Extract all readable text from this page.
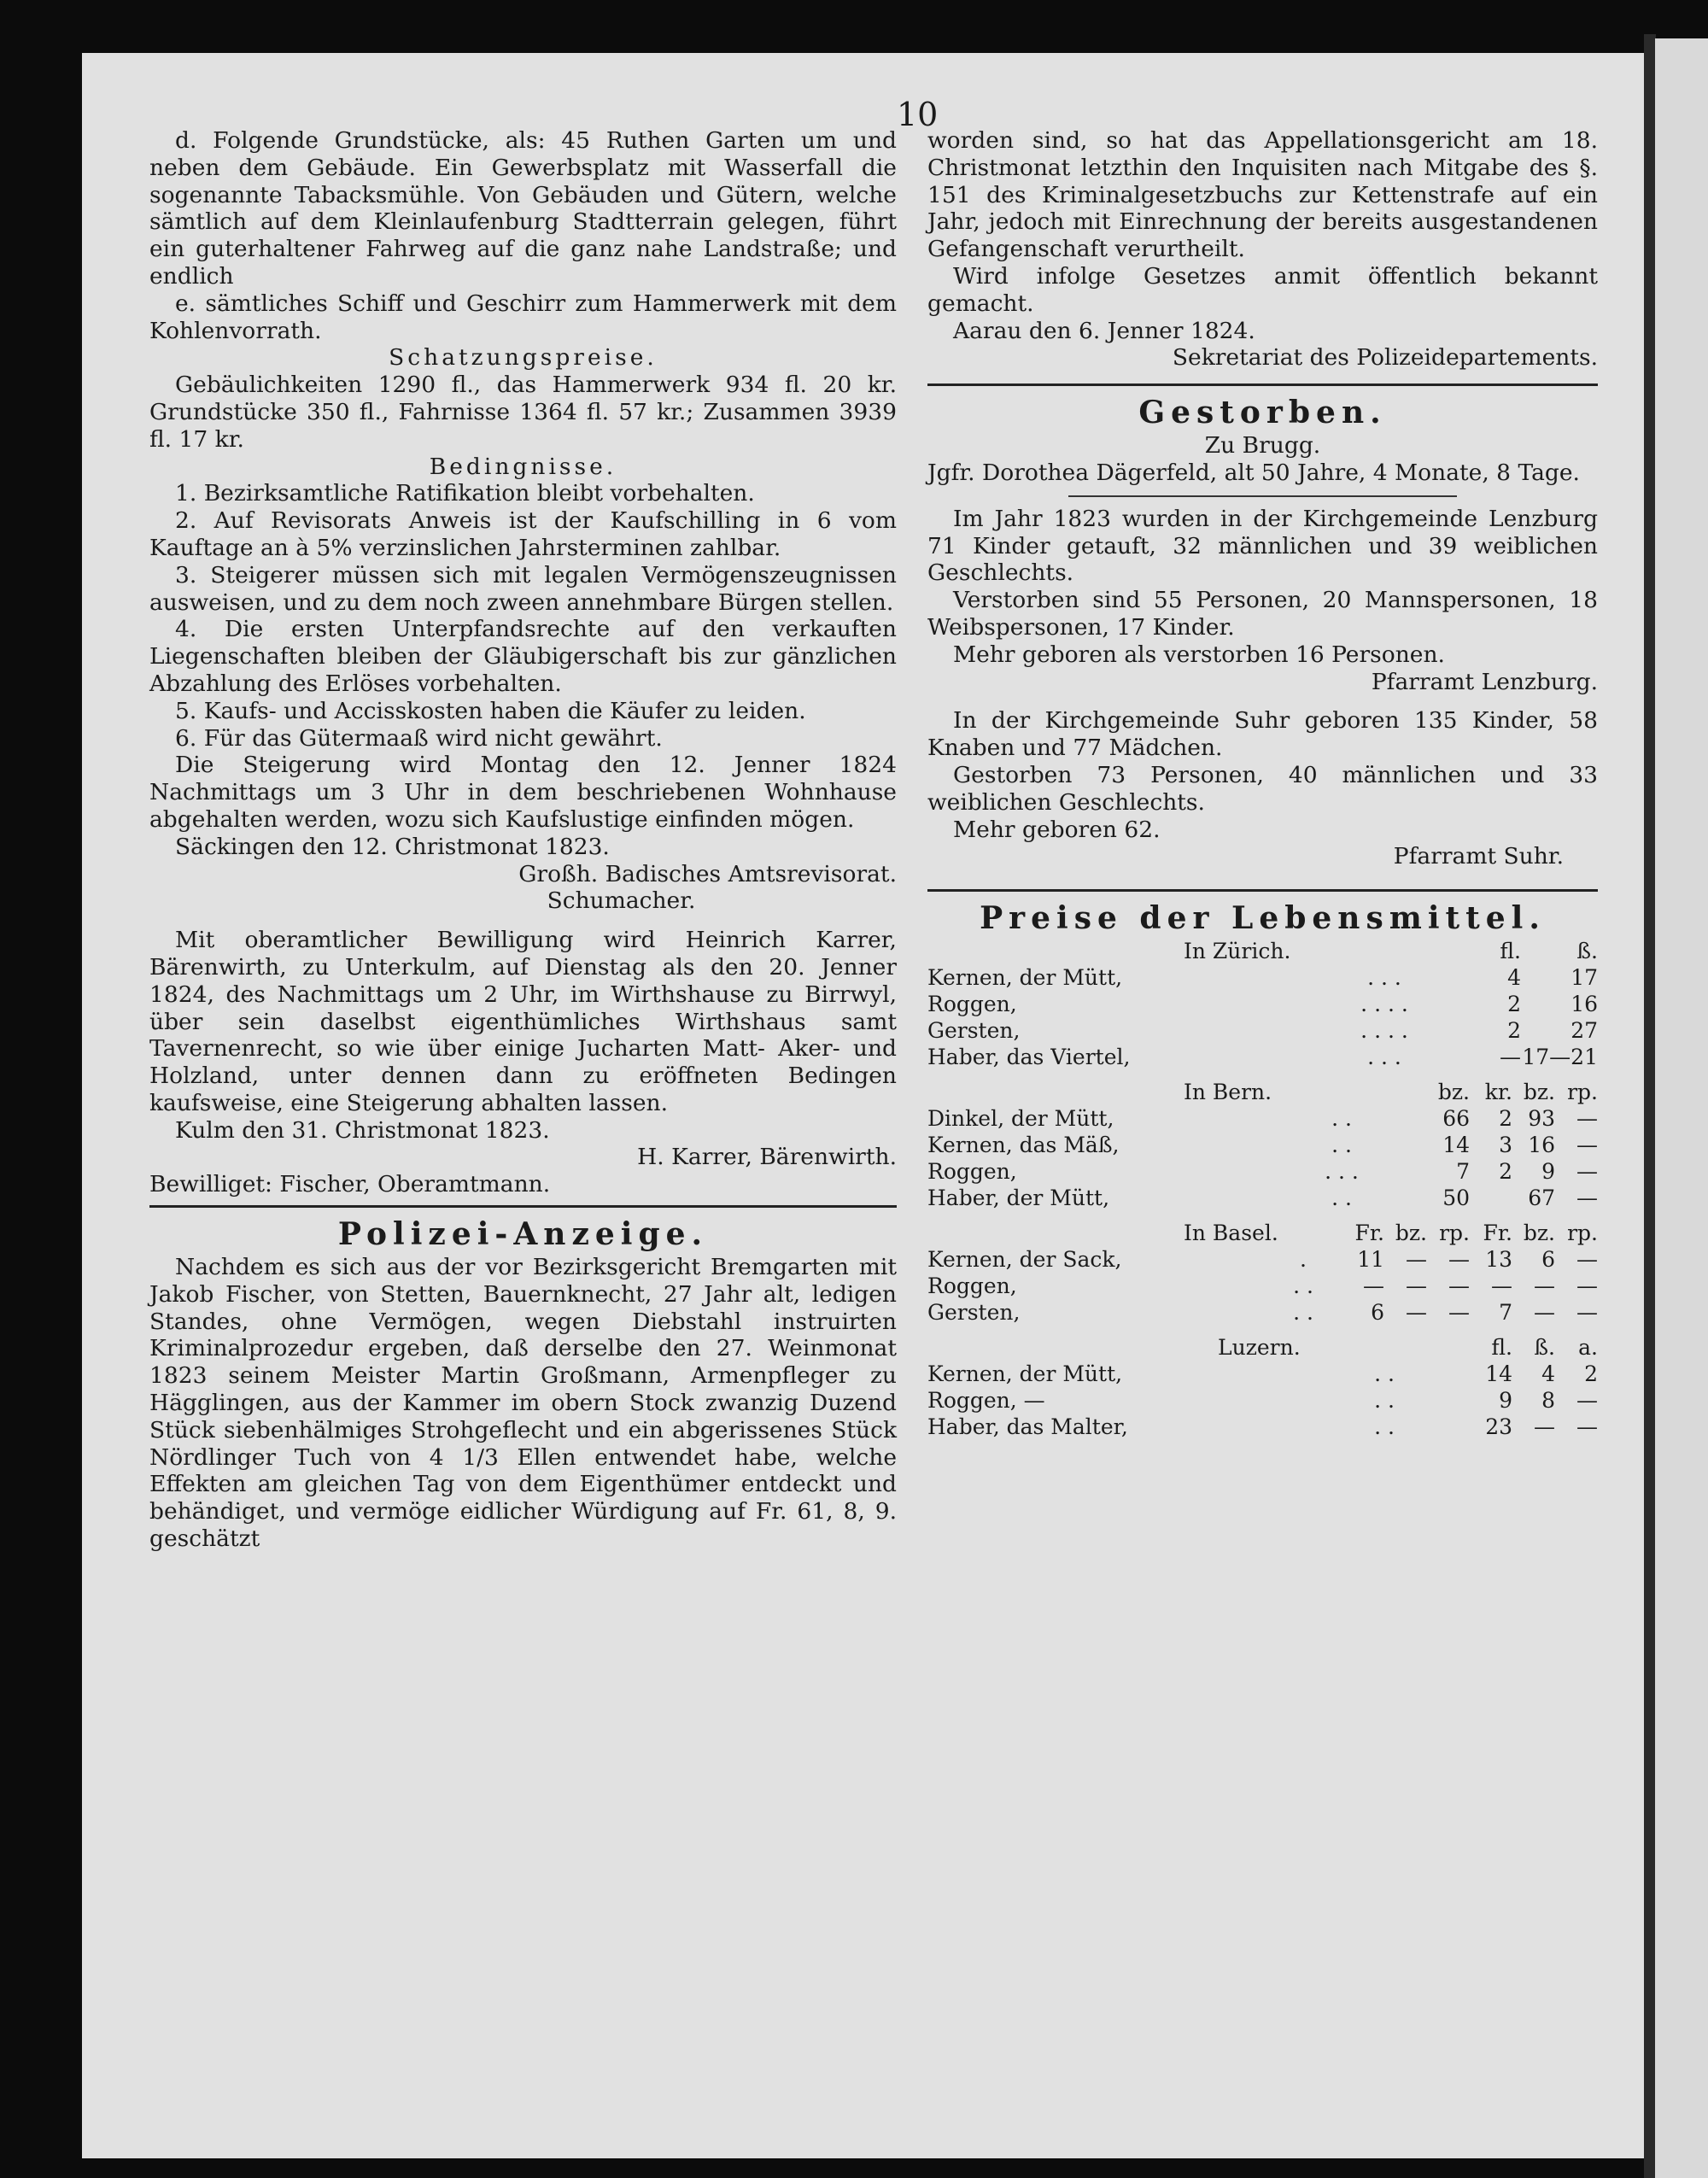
10

d. Folgende Grundstücke, als: 45 Ruthen Garten um und neben dem Gebäude. Ein Gewerbsplatz mit Wasserfall die sogenannte Tabacksmühle. Von Gebäuden und Gütern, welche sämtlich auf dem Kleinlaufenburg Stadtterrain gelegen, führt ein guterhaltener Fahrweg auf die ganz nahe Landstraße; und endlich

e. sämtliches Schiff und Geschirr zum Hammerwerk mit dem Kohlenvorrath.

Schatzungspreise.

Gebäulichkeiten 1290 fl., das Hammerwerk 934 fl. 20 kr. Grundstücke 350 fl., Fahrnisse 1364 fl. 57 kr.; Zusammen 3939 fl. 17 kr.

Bedingnisse.

1. Bezirksamtliche Ratifikation bleibt vorbehalten.

2. Auf Revisorats Anweis ist der Kaufschilling in 6 vom Kauftage an à 5% verzinslichen Jahrsterminen zahlbar.

3. Steigerer müssen sich mit legalen Vermögenszeugnissen ausweisen, und zu dem noch zween annehmbare Bürgen stellen.

4. Die ersten Unterpfandsrechte auf den verkauften Liegenschaften bleiben der Gläubigerschaft bis zur gänzlichen Abzahlung des Erlöses vorbehalten.

5. Kaufs- und Accisskosten haben die Käufer zu leiden.

6. Für das Gütermaaß wird nicht gewährt.

Die Steigerung wird Montag den 12. Jenner 1824 Nachmittags um 3 Uhr in dem beschriebenen Wohnhause abgehalten werden, wozu sich Kaufslustige einfinden mögen.

Säckingen den 12. Christmonat 1823.

Großh. Badisches Amtsrevisorat.

Schumacher.

Mit oberamtlicher Bewilligung wird Heinrich Karrer, Bärenwirth, zu Unterkulm, auf Dienstag als den 20. Jenner 1824, des Nachmittags um 2 Uhr, im Wirthshause zu Birrwyl, über sein daselbst eigenthümliches Wirthshaus samt Tavernenrecht, so wie über einige Jucharten Matt- Aker- und Holzland, unter dennen dann zu eröffneten Bedingen kaufsweise, eine Steigerung abhalten lassen.

Kulm den 31. Christmonat 1823.

H. Karrer, Bärenwirth.

Bewilliget: Fischer, Oberamtmann.

Polizei-Anzeige.

Nachdem es sich aus der vor Bezirksgericht Bremgarten mit Jakob Fischer, von Stetten, Bauernknecht, 27 Jahr alt, ledigen Standes, ohne Vermögen, wegen Diebstahl instruirten Kriminalprozedur ergeben, daß derselbe den 27. Weinmonat 1823 seinem Meister Martin Großmann, Armenpfleger zu Hägglingen, aus der Kammer im obern Stock zwanzig Duzend Stück siebenhälmiges Strohgeflecht und ein abgerissenes Stück Nördlinger Tuch von 4 1/3 Ellen entwendet habe, welche Effekten am gleichen Tag von dem Eigenthümer entdeckt und behändiget, und vermöge eidlicher Würdigung auf Fr. 61, 8, 9. geschätzt

worden sind, so hat das Appellationsgericht am 18. Christmonat letzthin den Inquisiten nach Mitgabe des §. 151 des Kriminalgesetzbuchs zur Kettenstrafe auf ein Jahr, jedoch mit Einrechnung der bereits ausgestandenen Gefangenschaft verurtheilt.

Wird infolge Gesetzes anmit öffentlich bekannt gemacht.

Aarau den 6. Jenner 1824.

Sekretariat des Polizeidepartements.

Gestorben.

Zu Brugg.

Jgfr. Dorothea Dägerfeld, alt 50 Jahre, 4 Monate, 8 Tage.

Im Jahr 1823 wurden in der Kirchgemeinde Lenzburg 71 Kinder getauft, 32 männlichen und 39 weiblichen Geschlechts.

Verstorben sind 55 Personen, 20 Mannspersonen, 18 Weibspersonen, 17 Kinder.

Mehr geboren als verstorben 16 Personen.

Pfarramt Lenzburg.

In der Kirchgemeinde Suhr geboren 135 Kinder, 58 Knaben und 77 Mädchen.

Gestorben 73 Personen, 40 männlichen und 33 weiblichen Geschlechts.

Mehr geboren 62.

Pfarramt Suhr.

Preise der Lebensmittel.

In Zürich.		fl.	ß.
Kernen, der Mütt,	. . .	4	17
Roggen,	. . . .	2	16
Gersten,	. . . .	2	27
Haber, das Viertel,	. . .	—	17—21
In Bern.		bz.	kr.	bz.	rp.
Dinkel, der Mütt,	. .	66	2	93	—
Kernen, das Mäß,	. .	14	3	16	—
Roggen,	. . .	7	2	9	—
Haber, der Mütt,	. .	50		67	—
In Basel.		Fr.	bz.	rp.	Fr.	bz.	rp.
Kernen, der Sack,	.	11	—	—	13	6	—
Roggen,	. .	—	—	—	—	—	—
Gersten,	. .	6	—	—	7	—	—
Luzern.		fl.	ß.	a.
Kernen, der Mütt,	. .	14	4	2
Roggen, —	. .	9	8	—
Haber, das Malter,	. .	23	—	—
